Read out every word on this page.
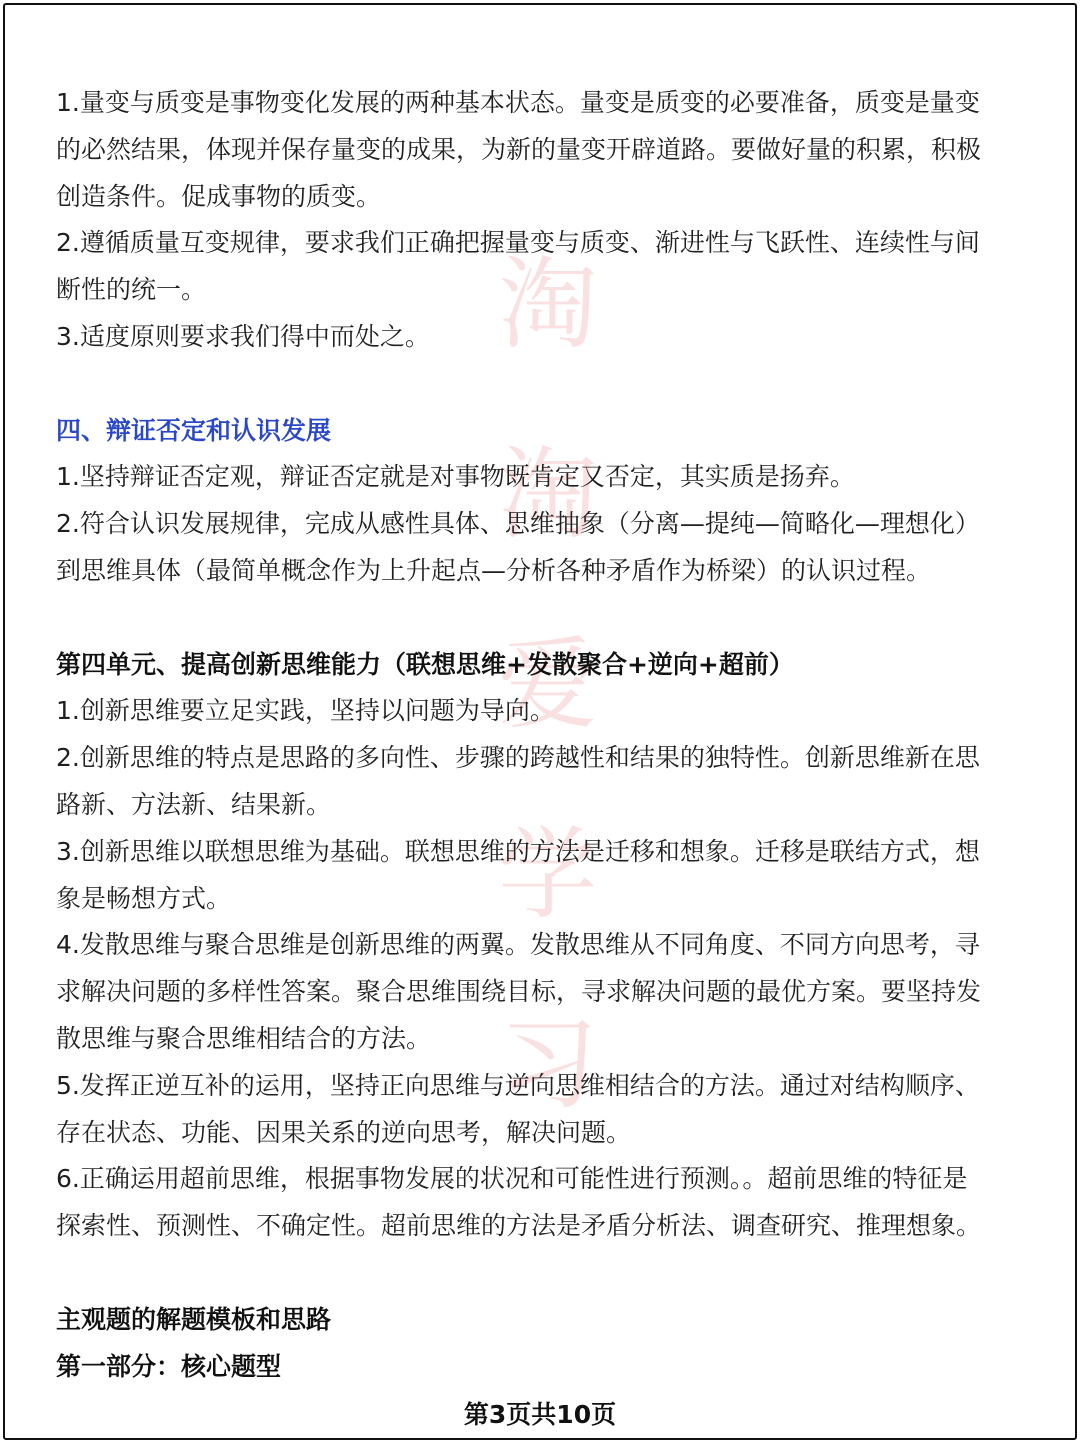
淘
淘
爱
学
习

1.量变与质变是事物变化发展的两种基本状态。量变是质变的必要准备，质变是量变

的必然结果，体现并保存量变的成果，为新的量变开辟道路。要做好量的积累，积极

创造条件。促成事物的质变。

2.遵循质量互变规律，要求我们正确把握量变与质变、渐进性与飞跃性、连续性与间

断性的统一。

3.适度原则要求我们得中而处之。

四、辩证否定和认识发展

1.坚持辩证否定观，辩证否定就是对事物既肯定又否定，其实质是扬弃。

2.符合认识发展规律，完成从感性具体、思维抽象（分离—提纯—简略化—理想化）

到思维具体（最简单概念作为上升起点—分析各种矛盾作为桥梁）的认识过程。

第四单元、提高创新思维能力（联想思维+发散聚合+逆向+超前）

1.创新思维要立足实践，坚持以问题为导向。

2.创新思维的特点是思路的多向性、步骤的跨越性和结果的独特性。创新思维新在思

路新、方法新、结果新。

3.创新思维以联想思维为基础。联想思维的方法是迁移和想象。迁移是联结方式，想

象是畅想方式。

4.发散思维与聚合思维是创新思维的两翼。发散思维从不同角度、不同方向思考，寻

求解决问题的多样性答案。聚合思维围绕目标，寻求解决问题的最优方案。要坚持发

散思维与聚合思维相结合的方法。

5.发挥正逆互补的运用，坚持正向思维与逆向思维相结合的方法。通过对结构顺序、

存在状态、功能、因果关系的逆向思考，解决问题。

6.正确运用超前思维，根据事物发展的状况和可能性进行预测。。超前思维的特征是

探索性、预测性、不确定性。超前思维的方法是矛盾分析法、调查研究、推理想象。

主观题的解题模板和思路

第一部分：核心题型

第3页共10页
